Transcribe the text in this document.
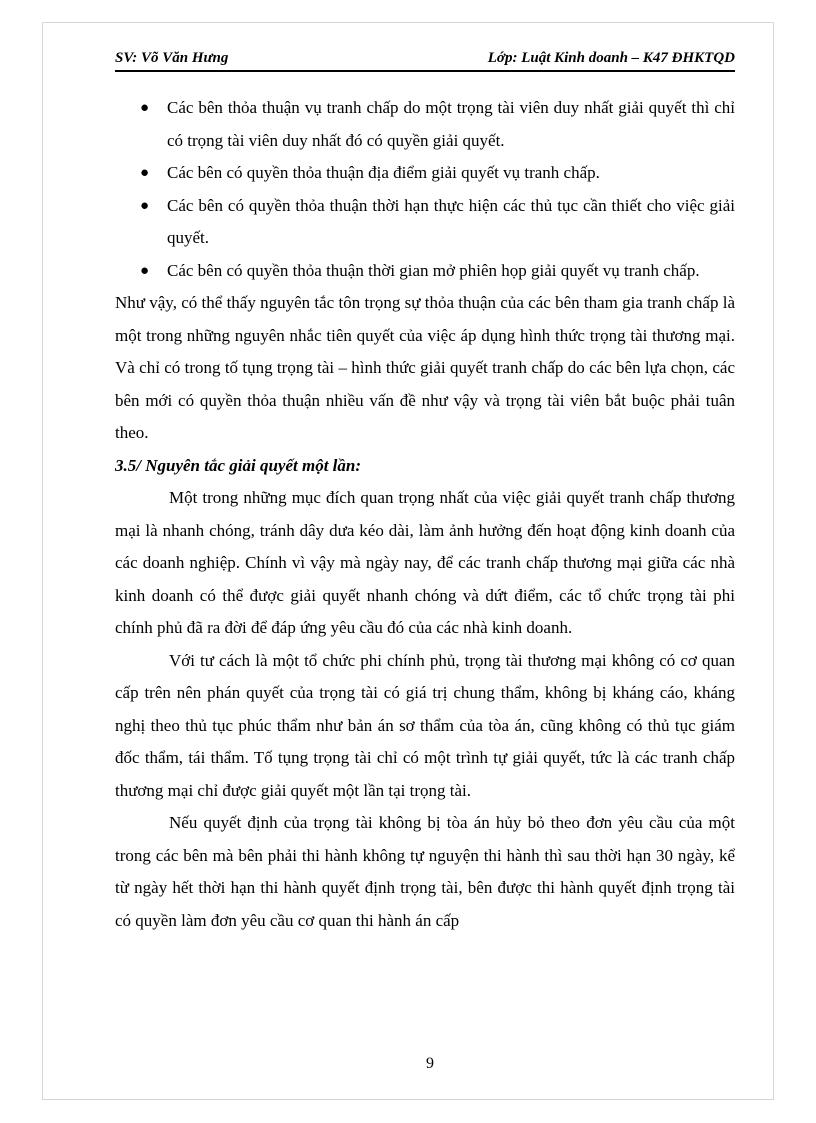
SV: Võ Văn Hưng	Lớp: Luật Kinh doanh – K47 ĐHKTQD
● Các bên thỏa thuận vụ tranh chấp do một trọng tài viên duy nhất giải quyết thì chỉ có trọng tài viên duy nhất đó có quyền giải quyết.
● Các bên có quyền thỏa thuận địa điểm giải quyết vụ tranh chấp.
● Các bên có quyền thỏa thuận thời hạn thực hiện các thủ tục cần thiết cho việc giải quyết.
● Các bên có quyền thỏa thuận thời gian mở phiên họp giải quyết vụ tranh chấp.

Như vậy, có thể thấy nguyên tắc tôn trọng sự thỏa thuận của các bên tham gia tranh chấp là một trong những nguyên nhắc tiên quyết của việc áp dụng hình thức trọng tài thương mại. Và chỉ có trong tố tụng trọng tài – hình thức giải quyết tranh chấp do các bên lựa chọn, các bên mới có quyền thỏa thuận nhiều vấn đề như vậy và trọng tài viên bắt buộc phải tuân theo.

3.5/ Nguyên tắc giải quyết một lần:

Một trong những mục đích quan trọng nhất của việc giải quyết tranh chấp thương mại là nhanh chóng, tránh dây dưa kéo dài, làm ảnh hưởng đến hoạt động kinh doanh của các doanh nghiệp. Chính vì vậy mà ngày nay, để các tranh chấp thương mại giữa các nhà kinh doanh có thể được giải quyết nhanh chóng và dứt điểm, các tổ chức trọng tài phi chính phủ đã ra đời để đáp ứng yêu cầu đó của các nhà kinh doanh.

Với tư cách là một tổ chức phi chính phủ, trọng tài thương mại không có cơ quan cấp trên nên phán quyết của trọng tài có giá trị chung thẩm, không bị kháng cáo, kháng nghị theo thủ tục phúc thẩm như bản án sơ thẩm của tòa án, cũng không có thủ tục giám đốc thẩm, tái thẩm. Tố tụng trọng tài chỉ có một trình tự giải quyết, tức là các tranh chấp thương mại chỉ được giải quyết một lần tại trọng tài.

Nếu quyết định của trọng tài không bị tòa án hủy bỏ theo đơn yêu cầu của một trong các bên mà bên phải thi hành không tự nguyện thi hành thì sau thời hạn 30 ngày, kể từ ngày hết thời hạn thi hành quyết định trọng tài, bên được thi hành quyết định trọng tài có quyền làm đơn yêu cầu cơ quan thi hành án cấp

9
